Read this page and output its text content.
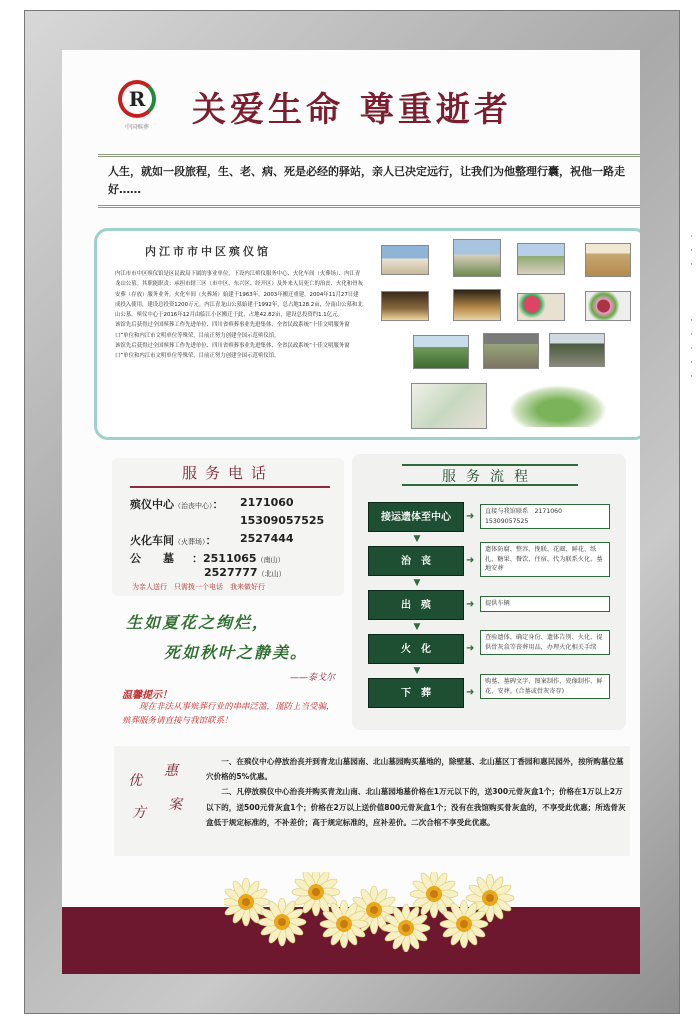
·
·
·

·
·
·
·
·
R
中国殡葬	关爱生命 尊重逝者
人生，就如一段旅程，生、老、病、死是必经的驿站，亲人已决定远行，让我们为他整理行囊，祝他一路走好……
内江市市中区殡仪馆

内江市市中区殡仪馆是区民政局下属的事业单位，下设内江殡仪服务中心、火化车间（火葬场）、内江青龙山公墓。其职能职责：承担市辖三区（市中区、东兴区、经开区）及外来人员死亡的治丧、火化和骨灰安葬（存放）服务业务。火化车间（火葬场）始建于1963年，2003年搬迁重建。2004年11月27日建成投入使用，建设总投资1200万元。内江青龙山公墓始建于1992年，总占地128.2亩，分南山公墓和北山公墓。殡仪中心于2016年12月由临江小区搬迁于此，占地42.82亩，建设总投资约1.1亿元。

该馆先后获得过全国殡葬工作先进单位、四川省殡葬事业先进集体、全省民政系统“十佳文明服务窗口”单位和内江市文明单位等殊荣，目前正努力创建全国示范殡仪馆。

该馆先后获得过全国殡葬工作先进单位、四川省殡葬事业先进集体、全省民政系统“十佳文明服务窗口”单位和内江市文明单位等殊荣，目前正努力创建全国示范殡仪馆。

服务电话
殡仪中心（治丧中心）： 2171060
15309057525
火化车间（火葬场）： 2527444
公　　墓 ：2511065（南山）
2527777（北山）
为亲人送行　只需拨一个电话　我来做好行
生如夏花之绚烂，
死如秋叶之静美。
——泰戈尔
温馨提示！
现在非法从事殡葬行业的串串泛滥，谨防上当受骗，殡葬服务请直接与我馆联系！
服务流程
接运遗体至中心	➜	直接与我馆联系　2171060　15309057525
▼
治　丧	➜
遗体防腐、整容、挽联、花圈、鲜花、纸扎、糖果、餐饮、住宿、代为联系火化、墓地安葬
▼
出　殡	➜	提供车辆
▼
火　化	➜
查验遗体、确定身份、遗体告别、火化、提供骨灰盒等丧葬用品，办理火化相关手续
▼
下　葬	➜
购墓、墓碑文字、图案制作、瓷像制作、鲜花、安葬。(合墓或骨灰寄存)
优
惠
方 案

一、在殡仪中心停放治丧并到青龙山墓园南、北山墓园购买墓地的，除壁墓、北山墓区丁香园和惠民园外，按所购墓位墓穴价格的5%优惠。

二、凡停放殡仪中心治丧并购买青龙山南、北山墓园地墓价格在1万元以下的，送300元骨灰盒1个；价格在1万以上2万以下的，送500元骨灰盒1个；价格在2万以上送价值800元骨灰盒1个；没有在我馆购买骨灰盒的，不享受此优惠；所选骨灰盒低于规定标准的，不补差价；高于规定标准的，应补差价。二次合棺不享受此优惠。
